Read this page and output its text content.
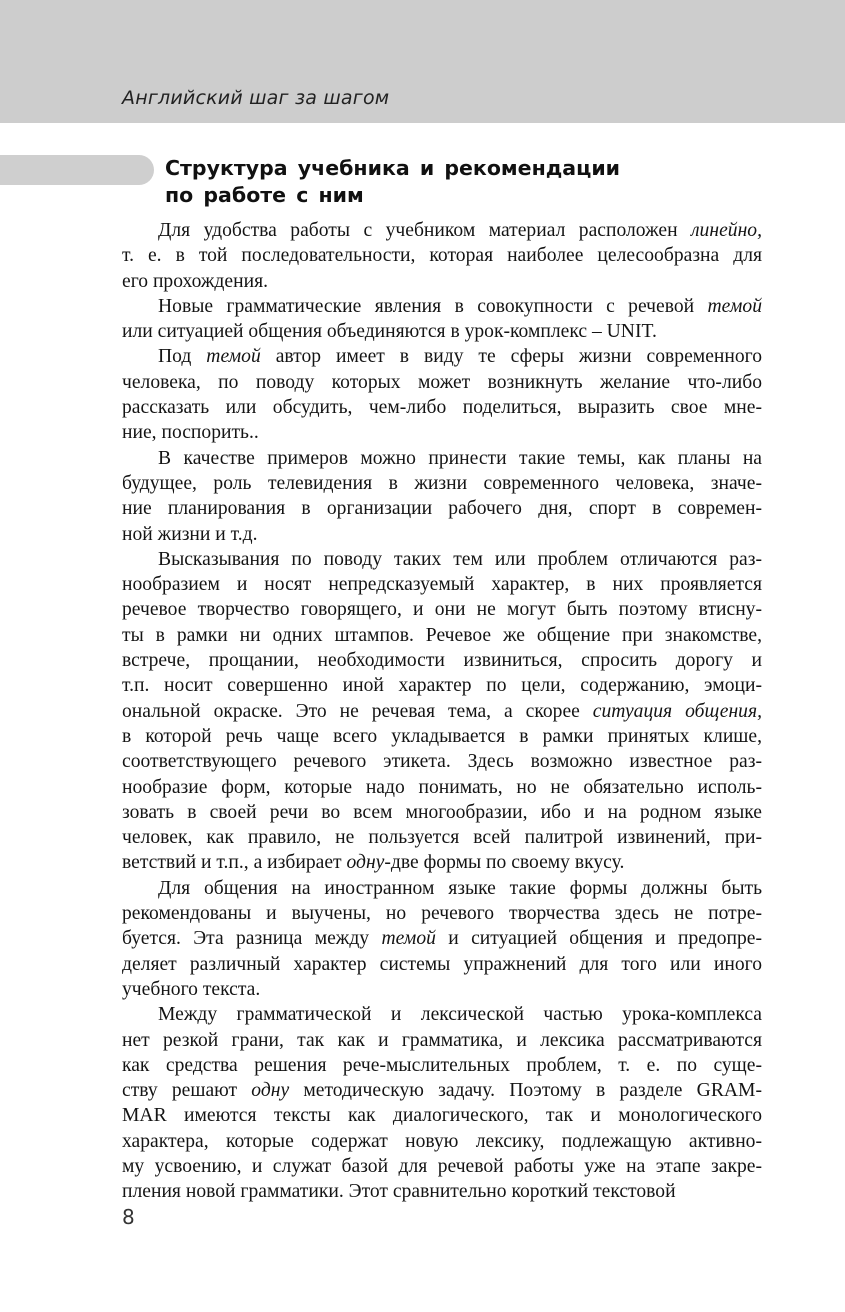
Английский шаг за шагом
Структура учебника и рекомендации
по работе с ним
Для удобства работы с учебником материал расположен линейно,
т. е. в той последовательности, которая наиболее целесообразна для
его прохождения.
Новые грамматические явления в совокупности с речевой темой
или ситуацией общения объединяются в урок-комплекс – UNIT.
Под темой автор имеет в виду те сферы жизни современного
человека, по поводу которых может возникнуть желание что-либо
рассказать или обсудить, чем-либо поделиться, выразить свое мне-
ние, поспорить..
В качестве примеров можно принести такие темы, как планы на
будущее, роль телевидения в жизни современного человека, значе-
ние планирования в организации рабочего дня, спорт в современ-
ной жизни и т.д.
Высказывания по поводу таких тем или проблем отличаются раз-
нообразием и носят непредсказуемый характер, в них проявляется
речевое творчество говорящего, и они не могут быть поэтому втисну-
ты в рамки ни одних штампов. Речевое же общение при знакомстве,
встрече, прощании, необходимости извиниться, спросить дорогу и
т.п. носит совершенно иной характер по цели, содержанию, эмоци-
ональной окраске. Это не речевая тема, а скорее ситуация общения,
в которой речь чаще всего укладывается в рамки принятых клише,
соответствующего речевого этикета. Здесь возможно известное раз-
нообразие форм, которые надо понимать, но не обязательно исполь-
зовать в своей речи во всем многообразии, ибо и на родном языке
человек, как правило, не пользуется всей палитрой извинений, при-
ветствий и т.п., а избирает одну-две формы по своему вкусу.
Для общения на иностранном языке такие формы должны быть
рекомендованы и выучены, но речевого творчества здесь не потре-
буется. Эта разница между темой и ситуацией общения и предопре-
деляет различный характер системы упражнений для того или иного
учебного текста.
Между грамматической и лексической частью урока-комплекса
нет резкой грани, так как и грамматика, и лексика рассматриваются
как средства решения рече-мыслительных проблем, т. е. по суще-
ству решают одну методическую задачу. Поэтому в разделе GRAM-
MAR имеются тексты как диалогического, так и монологического
характера, которые содержат новую лексику, подлежащую активно-
му усвоению, и служат базой для речевой работы уже на этапе закре-
пления новой грамматики. Этот сравнительно короткий текстовой
8
